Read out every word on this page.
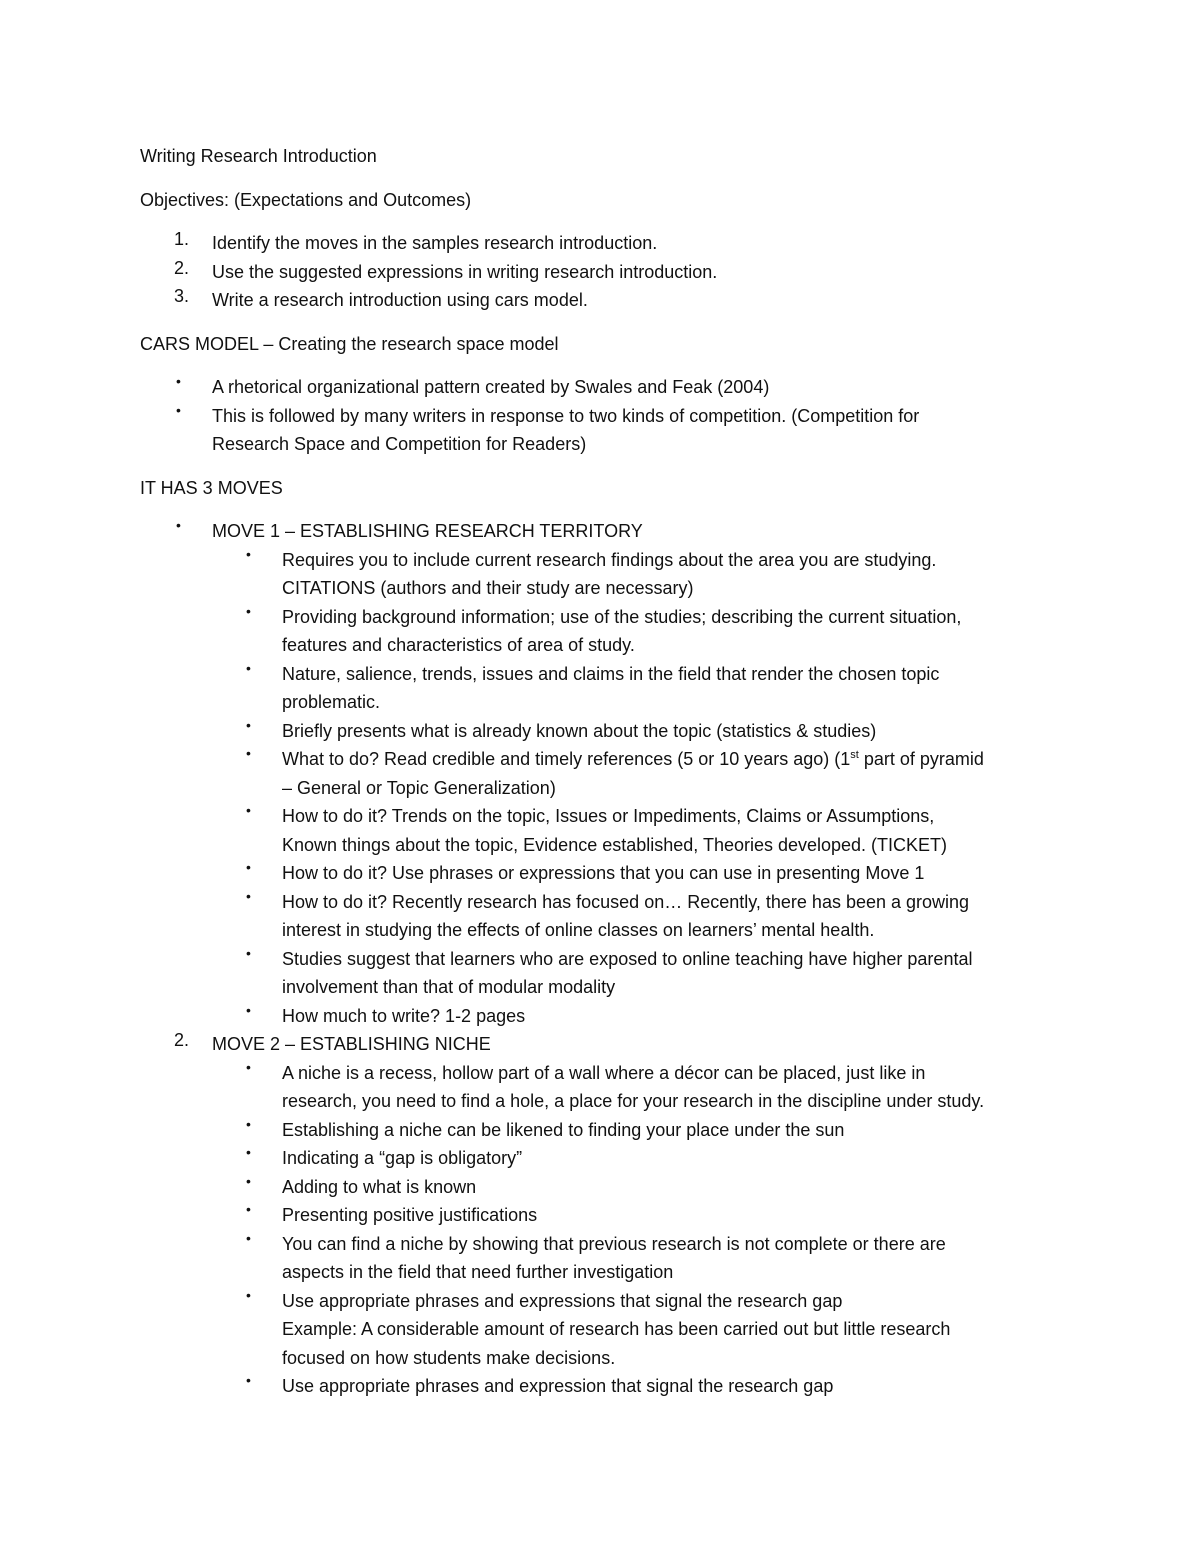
Writing Research Introduction

Objectives: (Expectations and Outcomes)

1. Identify the moves in the samples research introduction.

2. Use the suggested expressions in writing research introduction.

3. Write a research introduction using cars model.

CARS MODEL – Creating the research space model

• A rhetorical organizational pattern created by Swales and Feak (2004)

• This is followed by many writers in response to two kinds of competition. (Competition for

Research Space and Competition for Readers)

IT HAS 3 MOVES

• MOVE 1 – ESTABLISHING RESEARCH TERRITORY

• Requires you to include current research findings about the area you are studying.

CITATIONS (authors and their study are necessary)

• Providing background information; use of the studies; describing the current situation,

features and characteristics of area of study.

• Nature, salience, trends, issues and claims in the field that render the chosen topic

problematic.

• Briefly presents what is already known about the topic (statistics & studies)

• What to do? Read credible and timely references (5 or 10 years ago) (1st part of pyramid

– General or Topic Generalization)

• How to do it? Trends on the topic, Issues or Impediments, Claims or Assumptions,

Known things about the topic, Evidence established, Theories developed. (TICKET)

• How to do it? Use phrases or expressions that you can use in presenting Move 1

• How to do it? Recently research has focused on… Recently, there has been a growing

interest in studying the effects of online classes on learners’ mental health.

• Studies suggest that learners who are exposed to online teaching have higher parental

involvement than that of modular modality

• How much to write? 1-2 pages

2. MOVE 2 – ESTABLISHING NICHE

• A niche is a recess, hollow part of a wall where a décor can be placed, just like in

research, you need to find a hole, a place for your research in the discipline under study.

• Establishing a niche can be likened to finding your place under the sun

• Indicating a “gap is obligatory”

• Adding to what is known

• Presenting positive justifications

• You can find a niche by showing that previous research is not complete or there are

aspects in the field that need further investigation

• Use appropriate phrases and expressions that signal the research gap

Example: A considerable amount of research has been carried out but little research

focused on how students make decisions.

• Use appropriate phrases and expression that signal the research gap
